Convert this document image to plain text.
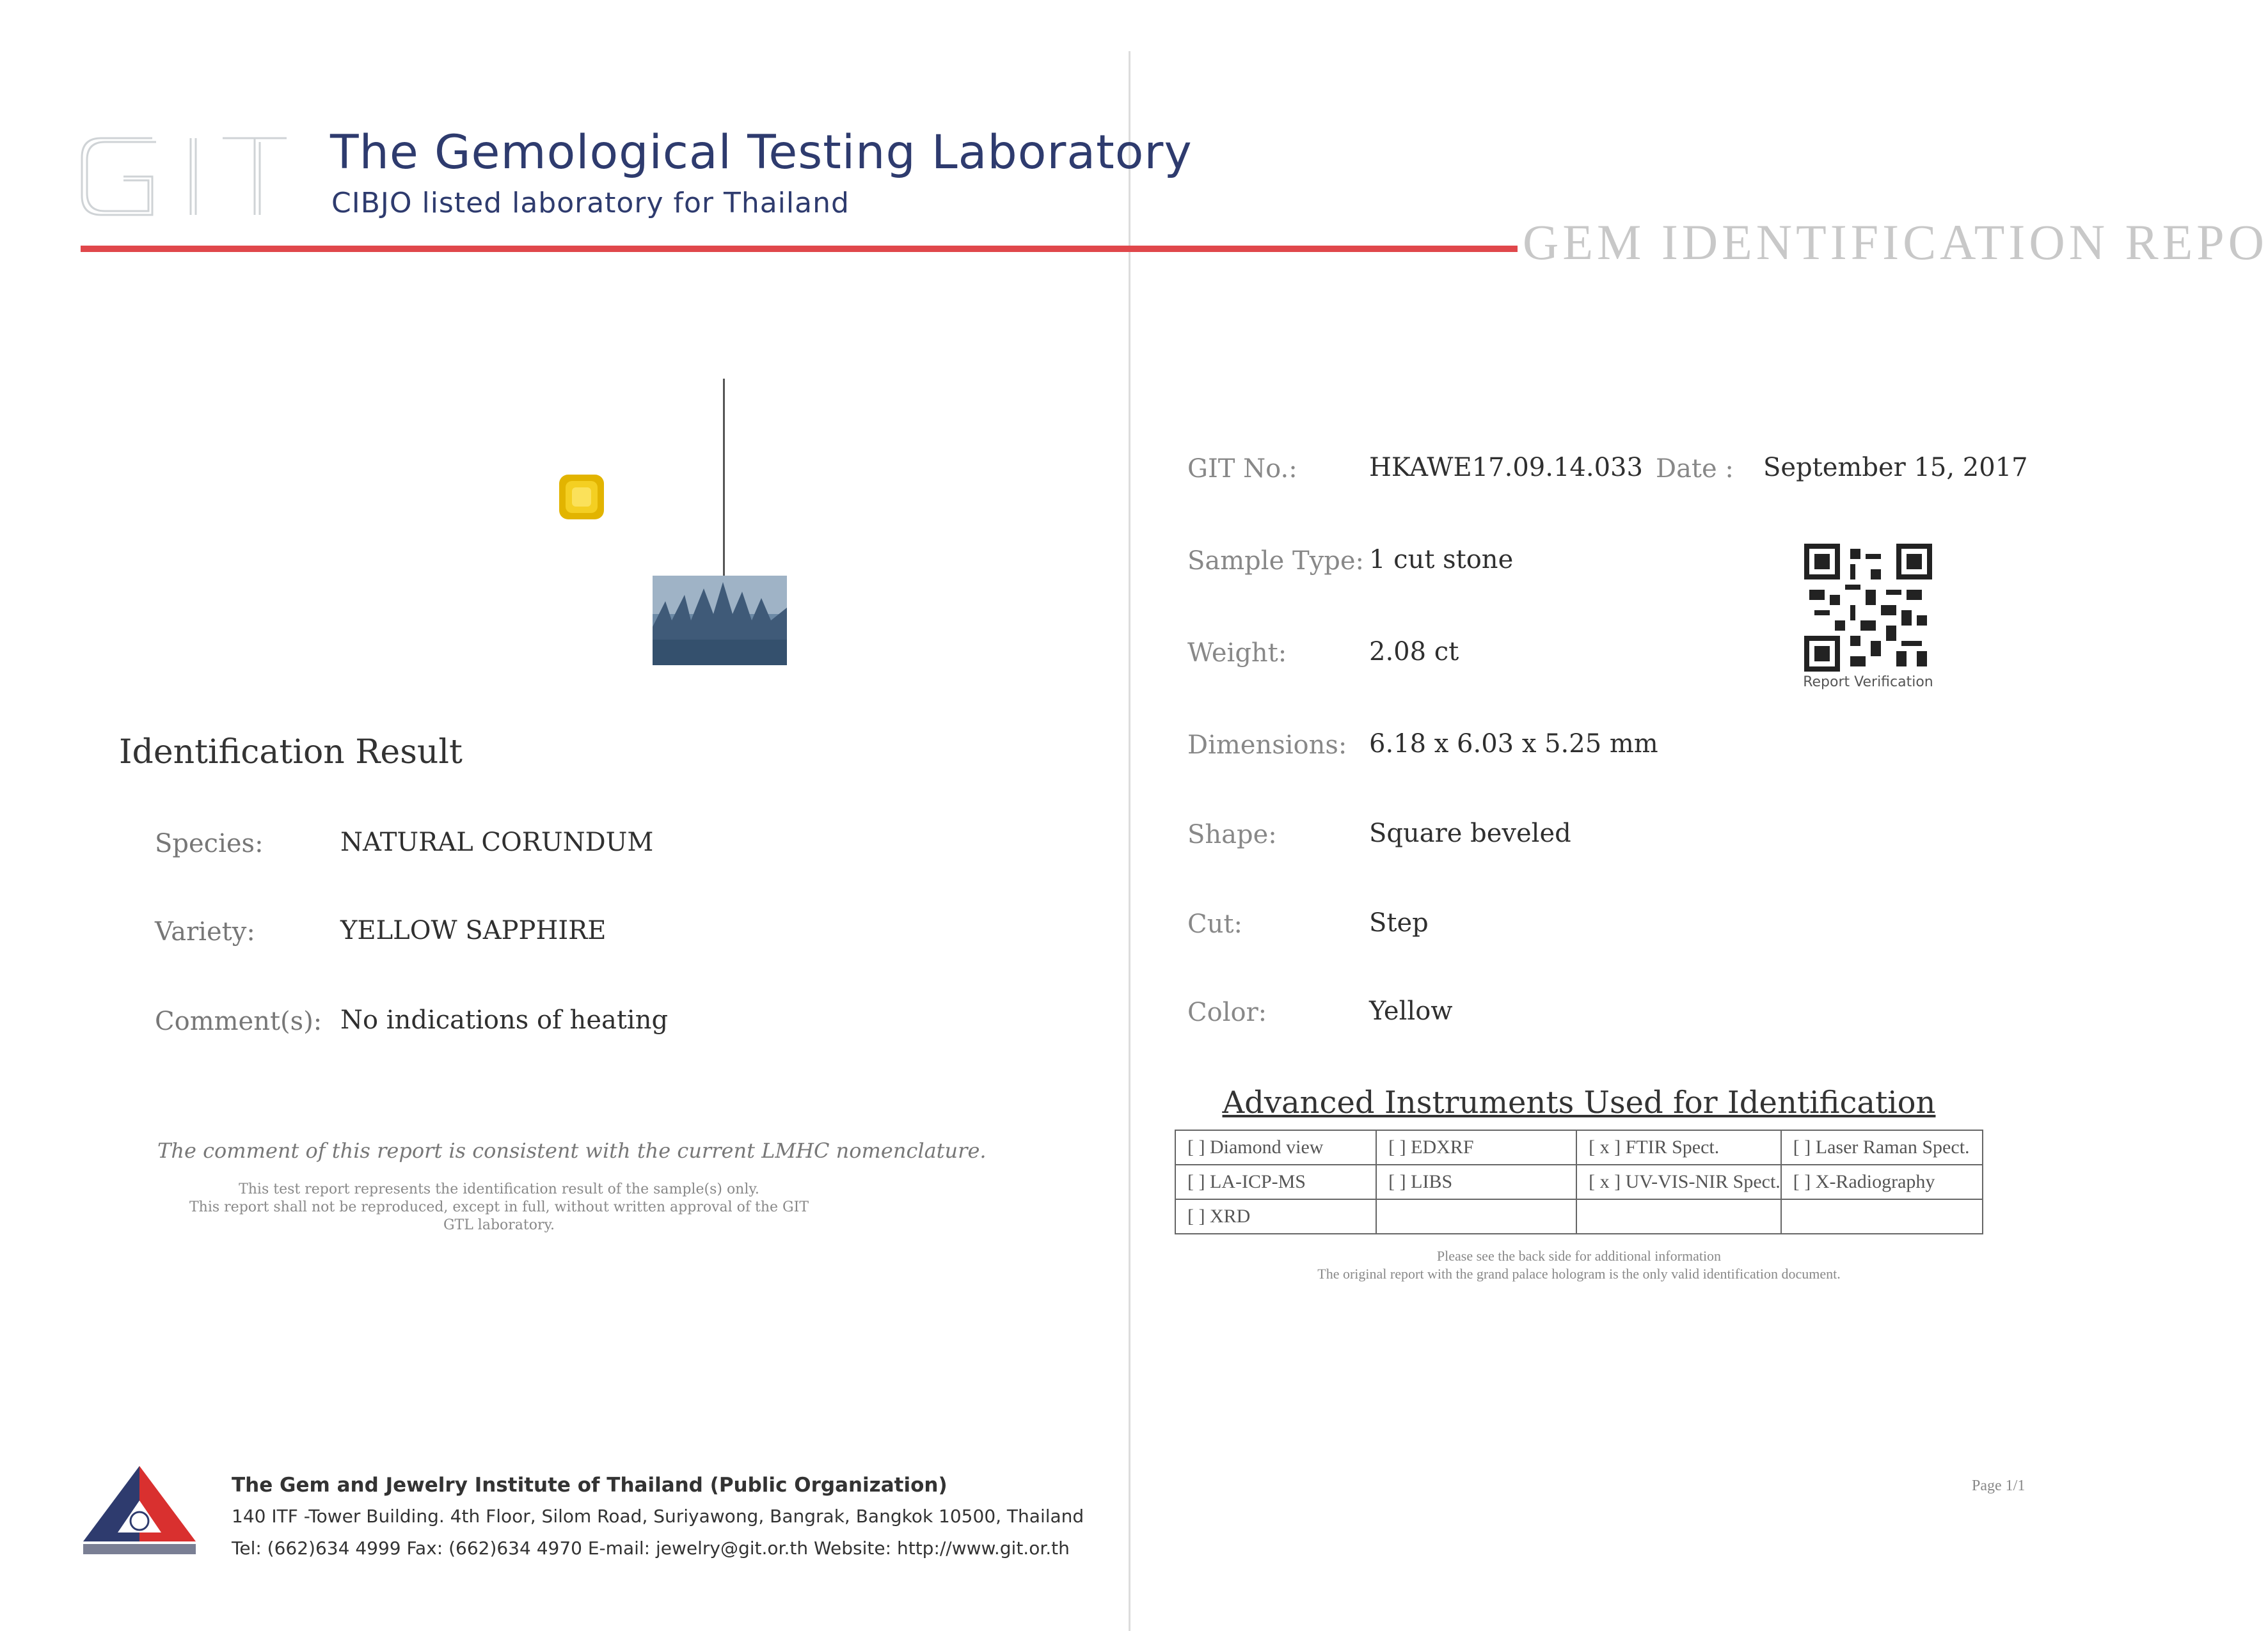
The Gemological Testing Laboratory
CIBJO listed laboratory for Thailand
GEM IDENTIFICATION REPO
Identification Result
Species:	NATURAL CORUNDUM
Variety:	YELLOW SAPPHIRE
Comment(s): No indications of heating
The comment of this report is consistent with the current LMHC nomenclature.
This test report represents the identification result of the sample(s) only.
This report shall not be reproduced, except in full, without written approval of the GIT GTL laboratory.
GIT No.:	HKAWE17.09.14.033 Date : September 15, 2017
Sample Type: 1 cut stone
Weight:	2.08 ct
Dimensions: 6.18 x 6.03 x 5.25 mm
Shape:	Square beveled
Cut:	Step
Color:	Yellow
Report Verification
Advanced Instruments Used for Identification
[ ] Diamond view	[ ] EDXRF	[ x ] FTIR Spect.	[ ] Laser Raman Spect.
[ ] LA-ICP-MS	[ ] LIBS	[ x ] UV-VIS-NIR Spect.	[ ] X-Radiography
[ ] XRD			
Please see the back side for additional information
The original report with the grand palace hologram is the only valid identification document.
Page 1/1
The Gem and Jewelry Institute of Thailand (Public Organization)
140 ITF -Tower Building. 4th Floor, Silom Road, Suriyawong, Bangrak, Bangkok 10500, Thailand
Tel: (662)634 4999 Fax: (662)634 4970 E-mail: jewelry@git.or.th Website: http://www.git.or.th
